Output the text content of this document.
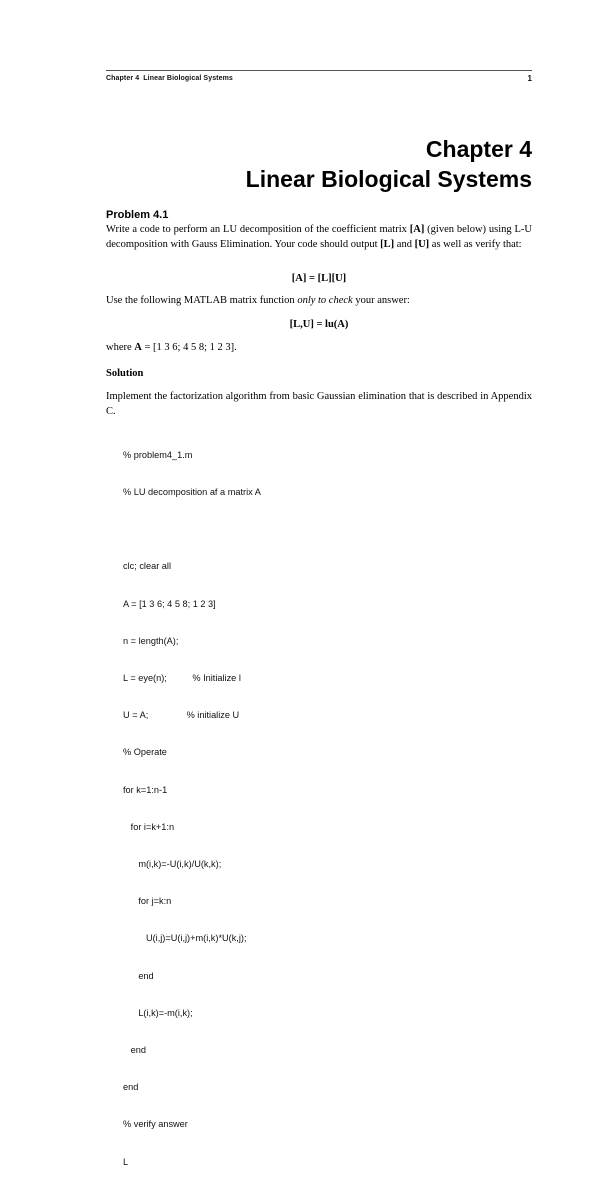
Chapter 4 Linear Biological Systems	1
Chapter 4
Linear Biological Systems
Problem 4.1
Write a code to perform an LU decomposition of the coefficient matrix [A] (given below) using L-U decomposition with Gauss Elimination. Your code should output [L] and [U] as well as verify that:
[A] = [L][U]
Use the following MATLAB matrix function only to check your answer:
[L,U] = lu(A)
where A = [1 3 6; 4 5 8; 1 2 3].
Solution
Implement the factorization algorithm from basic Gaussian elimination that is described in Appendix C.

% problem4_1.m

% LU decomposition af a matrix A

clc; clear all

A = [1 3 6; 4 5 8; 1 2 3]

n = length(A);

L = eye(n);          % Initialize l

U = A;               % initialize U

% Operate

for k=1:n-1

for i=k+1:n

m(i,k)=-U(i,k)/U(k,k);

for j=k:n

U(i,j)=U(i,j)+m(i,k)*U(k,j);

end

L(i,k)=-m(i,k);

end

end

% verify answer

L
